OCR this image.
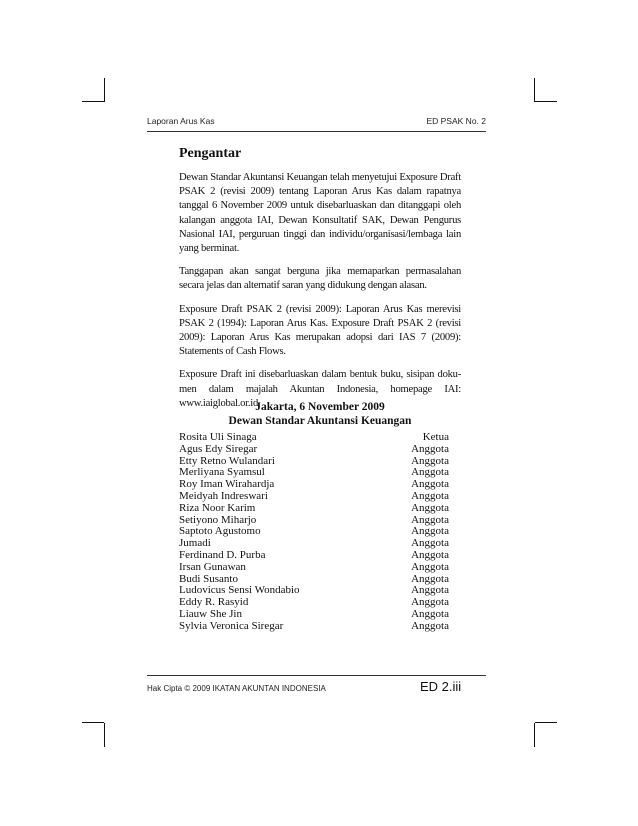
Laporan Arus Kas	ED PSAK No. 2
Pengantar

Dewan Standar Akuntansi Keuangan telah menyetujui Exposure Draft PSAK 2 (revisi 2009) tentang Laporan Arus Kas dalam rapatnya tanggal 6 November 2009 untuk disebarluaskan dan ditanggapi oleh kalangan anggota IAI, Dewan Konsultatif SAK, Dewan Pengurus Nasional IAI, perguruan tinggi dan individu/organisasi/lembaga lain yang berminat.

Tanggapan akan sangat berguna jika memaparkan permasalahan secara jelas dan alternatif saran yang didukung dengan alasan.

Exposure Draft PSAK 2 (revisi 2009): Laporan Arus Kas merevisi PSAK 2 (1994): Laporan Arus Kas. Exposure Draft PSAK 2 (revisi 2009): Laporan Arus Kas merupakan adopsi dari IAS 7 (2009): Statements of Cash Flows.

Exposure Draft ini disebarluaskan dalam bentuk buku, sisipan doku-men dalam majalah Akuntan Indonesia, homepage IAI: www.iaiglobal.or.id

Jakarta, 6 November 2009
Dewan Standar Akuntansi Keuangan
Rosita Uli Sinaga	Ketua
Agus Edy Siregar	Anggota
Etty Retno Wulandari	Anggota
Merliyana Syamsul	Anggota
Roy Iman Wirahardja	Anggota
Meidyah Indreswari	Anggota
Riza Noor Karim	Anggota
Setiyono Miharjo	Anggota
Saptoto Agustomo	Anggota
Jumadi	Anggota
Ferdinand D. Purba	Anggota
Irsan Gunawan	Anggota
Budi Susanto	Anggota
Ludovicus Sensi Wondabio	Anggota
Eddy R. Rasyid	Anggota
Liauw She Jin	Anggota
Sylvia Veronica Siregar	Anggota
Hak Cipta © 2009 IKATAN AKUNTAN INDONESIA	ED 2.iii
